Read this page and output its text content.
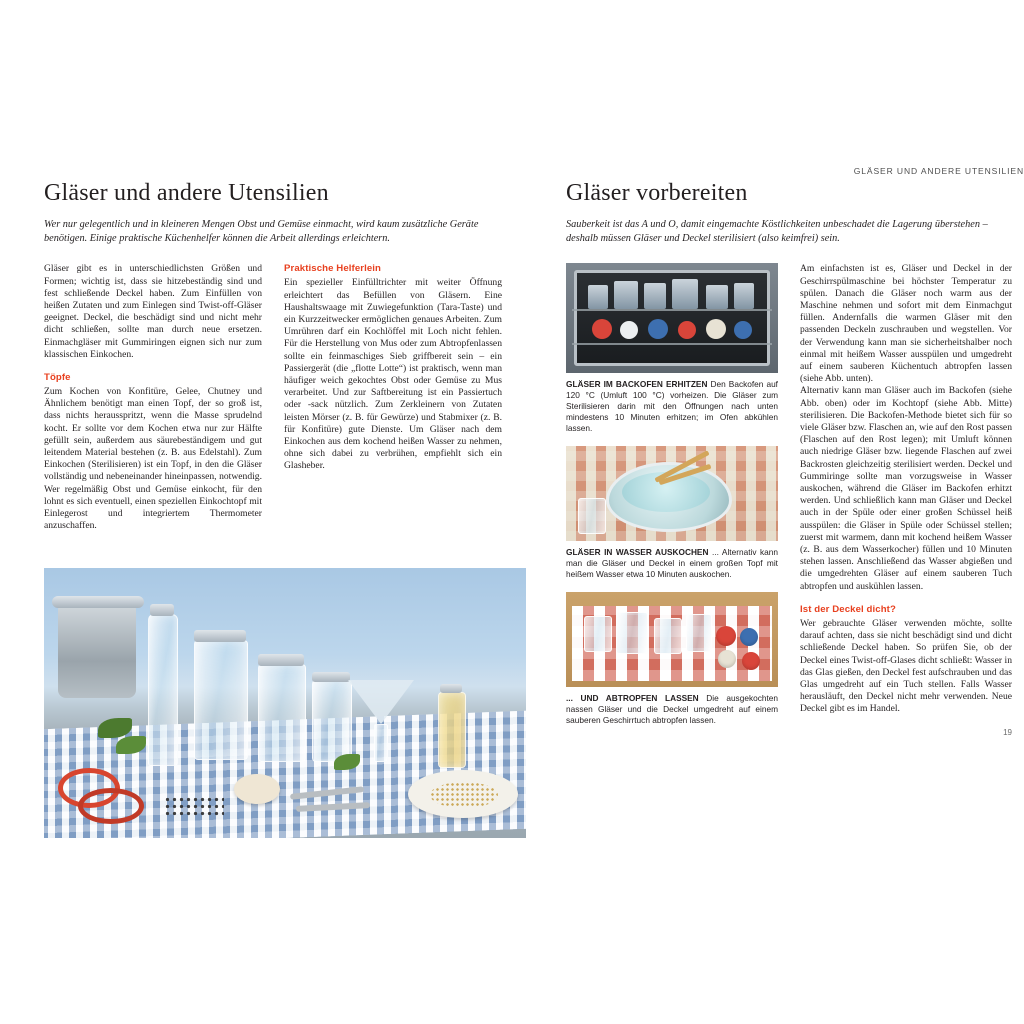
Gläser und andere Utensilien
Wer nur gelegentlich und in kleineren Mengen Obst und Gemüse einmacht, wird kaum zusätzliche Geräte benötigen. Einige praktische Küchenhelfer können die Arbeit allerdings erleichtern.

Gläser gibt es in unterschiedlichsten Größen und Formen; wichtig ist, dass sie hitzebeständig sind und fest schließende Deckel haben. Zum Einfüllen von heißen Zutaten und zum Einlegen sind Twist-off-Gläser geeignet. Deckel, die beschädigt sind und nicht mehr dicht schließen, sollte man durch neue ersetzen. Einmachgläser mit Gummiringen eignen sich nur zum klassischen Einkochen.

Töpfe

Zum Kochen von Konfitüre, Gelee, Chutney und Ähnlichem benötigt man einen Topf, der so groß ist, dass nichts herausspritzt, wenn die Masse sprudelnd kocht. Er sollte vor dem Kochen etwa nur zur Hälfte gefüllt sein, außerdem aus säurebeständigem und gut leitendem Material bestehen (z. B. aus Edelstahl). Zum Einkochen (Sterilisieren) ist ein Topf, in den die Gläser vollständig und nebeneinander hineinpassen, notwendig. Wer regelmäßig Obst und Gemüse einkocht, für den lohnt es sich eventuell, einen speziellen Einkochtopf mit Einlegerost und integriertem Thermometer anzuschaffen.

Praktische Helferlein

Ein spezieller Einfülltrichter mit weiter Öffnung erleichtert das Befüllen von Gläsern. Eine Haushaltswaage mit Zuwiegefunktion (Tara-Taste) und ein Kurzzeitwecker ermöglichen genaues Arbeiten. Zum Umrühren darf ein Kochlöffel mit Loch nicht fehlen. Für die Herstellung von Mus oder zum Abtropfenlassen sollte ein feinmaschiges Sieb griffbereit sein – ein Passiergerät (die „flotte Lotte“) ist praktisch, wenn man häufiger weich gekochtes Obst oder Gemüse zu Mus verarbeitet. Und zur Saftbereitung ist ein Passiertuch oder -sack nützlich. Zum Zerkleinern von Zutaten leisten Mörser (z. B. für Gewürze) und Stabmixer (z. B. für Konfitüre) gute Dienste. Um Gläser nach dem Einkochen aus dem kochend heißen Wasser zu nehmen, ohne sich dabei zu verbrühen, empfiehlt sich ein Glasheber.

GLÄSER UND ANDERE UTENSILIEN
Gläser vorbereiten
Sauberkeit ist das A und O, damit eingemachte Köstlichkeiten unbeschadet die Lagerung überstehen – deshalb müssen Gläser und Deckel sterilisiert (also keimfrei) sein.
GLÄSER IM BACKOFEN ERHITZEN Den Backofen auf 120 °C (Umluft 100 °C) vorheizen. Die Gläser zum Sterilisieren darin mit den Öffnungen nach unten mindestens 10 Minuten erhitzen; im Ofen abkühlen lassen.
GLÄSER IN WASSER AUSKOCHEN ... Alternativ kann man die Gläser und Deckel in einem großen Topf mit heißem Wasser etwa 10 Minuten auskochen.
... UND ABTROPFEN LASSEN Die ausgekochten nassen Gläser und die Deckel umgedreht auf einem sauberen Geschirrtuch abtropfen lassen.

Am einfachsten ist es, Gläser und Deckel in der Geschirrspülmaschine bei höchster Temperatur zu spülen. Danach die Gläser noch warm aus der Maschine nehmen und sofort mit dem Einmachgut füllen. Andernfalls die warmen Gläser mit den passenden Deckeln zuschrauben und wegstellen. Vor der Verwendung kann man sie sicherheitshalber noch einmal mit heißem Wasser ausspülen und umgedreht auf einem sauberen Küchentuch abtropfen lassen (siehe Abb. unten).

Alternativ kann man Gläser auch im Backofen (siehe Abb. oben) oder im Kochtopf (siehe Abb. Mitte) sterilisieren. Die Backofen-Methode bietet sich für so viele Gläser bzw. Flaschen an, wie auf den Rost passen (Flaschen auf den Rost legen); mit Umluft können auch niedrige Gläser bzw. liegende Flaschen auf zwei Backrosten gleichzeitig sterilisiert werden. Deckel und Gummiringe sollte man vorzugsweise in Wasser auskochen, während die Gläser im Backofen erhitzt werden. Und schließlich kann man Gläser und Deckel auch in der Spüle oder einer großen Schüssel heiß ausspülen: die Gläser in Spüle oder Schüssel stellen; zuerst mit warmem, dann mit kochend heißem Wasser (z. B. aus dem Wasserkocher) füllen und 10 Minuten stehen lassen. Anschließend das Wasser abgießen und die umgedrehten Gläser auf einem sauberen Tuch abtropfen und auskühlen lassen.

Ist der Deckel dicht?

Wer gebrauchte Gläser verwenden möchte, sollte darauf achten, dass sie nicht beschädigt sind und dicht schließende Deckel haben. So prüfen Sie, ob der Deckel eines Twist-off-Glases dicht schließt: Wasser in das Glas gießen, den Deckel fest aufschrauben und das Glas umgedreht auf ein Tuch stellen. Falls Wasser herausläuft, den Deckel nicht mehr verwenden. Neue Deckel gibt es im Handel.

19
